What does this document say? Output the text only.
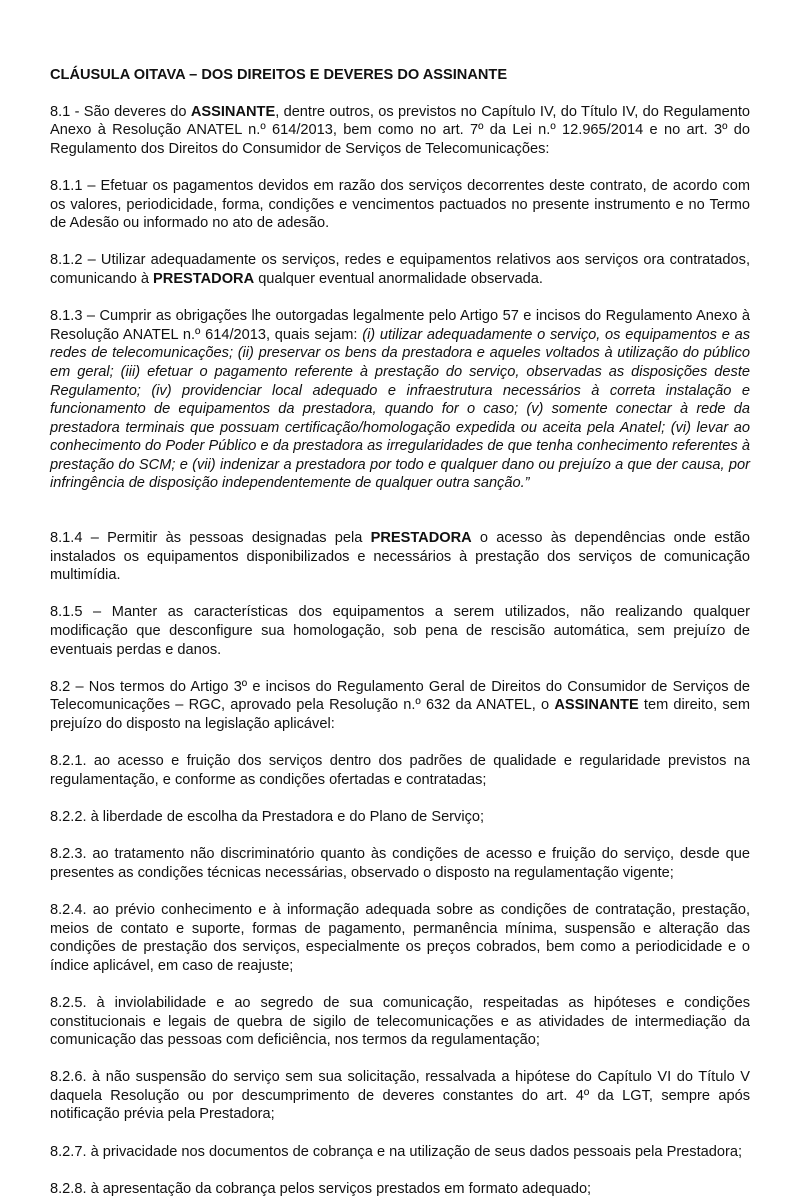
CLÁUSULA OITAVA – DOS DIREITOS E DEVERES DO ASSINANTE

8.1 - São deveres do ASSINANTE, dentre outros, os previstos no Capítulo IV, do Título IV, do Regulamento Anexo à Resolução ANATEL n.º 614/2013, bem como no art. 7º da Lei n.º 12.965/2014 e no art. 3º do Regulamento dos Direitos do Consumidor de Serviços de Telecomunicações:

8.1.1 – Efetuar os pagamentos devidos em razão dos serviços decorrentes deste contrato, de acordo com os valores, periodicidade, forma, condições e vencimentos pactuados no presente instrumento e no Termo de Adesão ou informado no ato de adesão.

8.1.2 – Utilizar adequadamente os serviços, redes e equipamentos relativos aos serviços ora contratados, comunicando à PRESTADORA qualquer eventual anormalidade observada.

8.1.3 – Cumprir as obrigações lhe outorgadas legalmente pelo Artigo 57 e incisos do Regulamento Anexo à Resolução ANATEL n.º 614/2013, quais sejam: (i) utilizar adequadamente o serviço, os equipamentos e as redes de telecomunicações; (ii) preservar os bens da prestadora e aqueles voltados à utilização do público em geral; (iii) efetuar o pagamento referente à prestação do serviço, observadas as disposições deste Regulamento; (iv) providenciar local adequado e infraestrutura necessários à correta instalação e funcionamento de equipamentos da prestadora, quando for o caso; (v) somente conectar à rede da prestadora terminais que possuam certificação/homologação expedida ou aceita pela Anatel; (vi) levar ao conhecimento do Poder Público e da prestadora as irregularidades de que tenha conhecimento referentes à prestação do SCM; e (vii) indenizar a prestadora por todo e qualquer dano ou prejuízo a que der causa, por infringência de disposição independentemente de qualquer outra sanção.”

8.1.4 – Permitir às pessoas designadas pela PRESTADORA o acesso às dependências onde estão instalados os equipamentos disponibilizados e necessários à prestação dos serviços de comunicação multimídia.

8.1.5 – Manter as características dos equipamentos a serem utilizados, não realizando qualquer modificação que desconfigure sua homologação, sob pena de rescisão automática, sem prejuízo de eventuais perdas e danos.

8.2 – Nos termos do Artigo 3º e incisos do Regulamento Geral de Direitos do Consumidor de Serviços de Telecomunicações – RGC, aprovado pela Resolução n.º 632 da ANATEL, o ASSINANTE tem direito, sem prejuízo do disposto na legislação aplicável:

8.2.1. ao acesso e fruição dos serviços dentro dos padrões de qualidade e regularidade previstos na regulamentação, e conforme as condições ofertadas e contratadas;

8.2.2. à liberdade de escolha da Prestadora e do Plano de Serviço;

8.2.3. ao tratamento não discriminatório quanto às condições de acesso e fruição do serviço, desde que presentes as condições técnicas necessárias, observado o disposto na regulamentação vigente;

8.2.4. ao prévio conhecimento e à informação adequada sobre as condições de contratação, prestação, meios de contato e suporte, formas de pagamento, permanência mínima, suspensão e alteração das condições de prestação dos serviços, especialmente os preços cobrados, bem como a periodicidade e o índice aplicável, em caso de reajuste;

8.2.5. à inviolabilidade e ao segredo de sua comunicação, respeitadas as hipóteses e condições constitucionais e legais de quebra de sigilo de telecomunicações e as atividades de intermediação da comunicação das pessoas com deficiência, nos termos da regulamentação;

8.2.6. à não suspensão do serviço sem sua solicitação, ressalvada a hipótese do Capítulo VI do Título V daquela Resolução ou por descumprimento de deveres constantes do art. 4º da LGT, sempre após notificação prévia pela Prestadora;

8.2.7. à privacidade nos documentos de cobrança e na utilização de seus dados pessoais pela Prestadora;

8.2.8. à apresentação da cobrança pelos serviços prestados em formato adequado;
